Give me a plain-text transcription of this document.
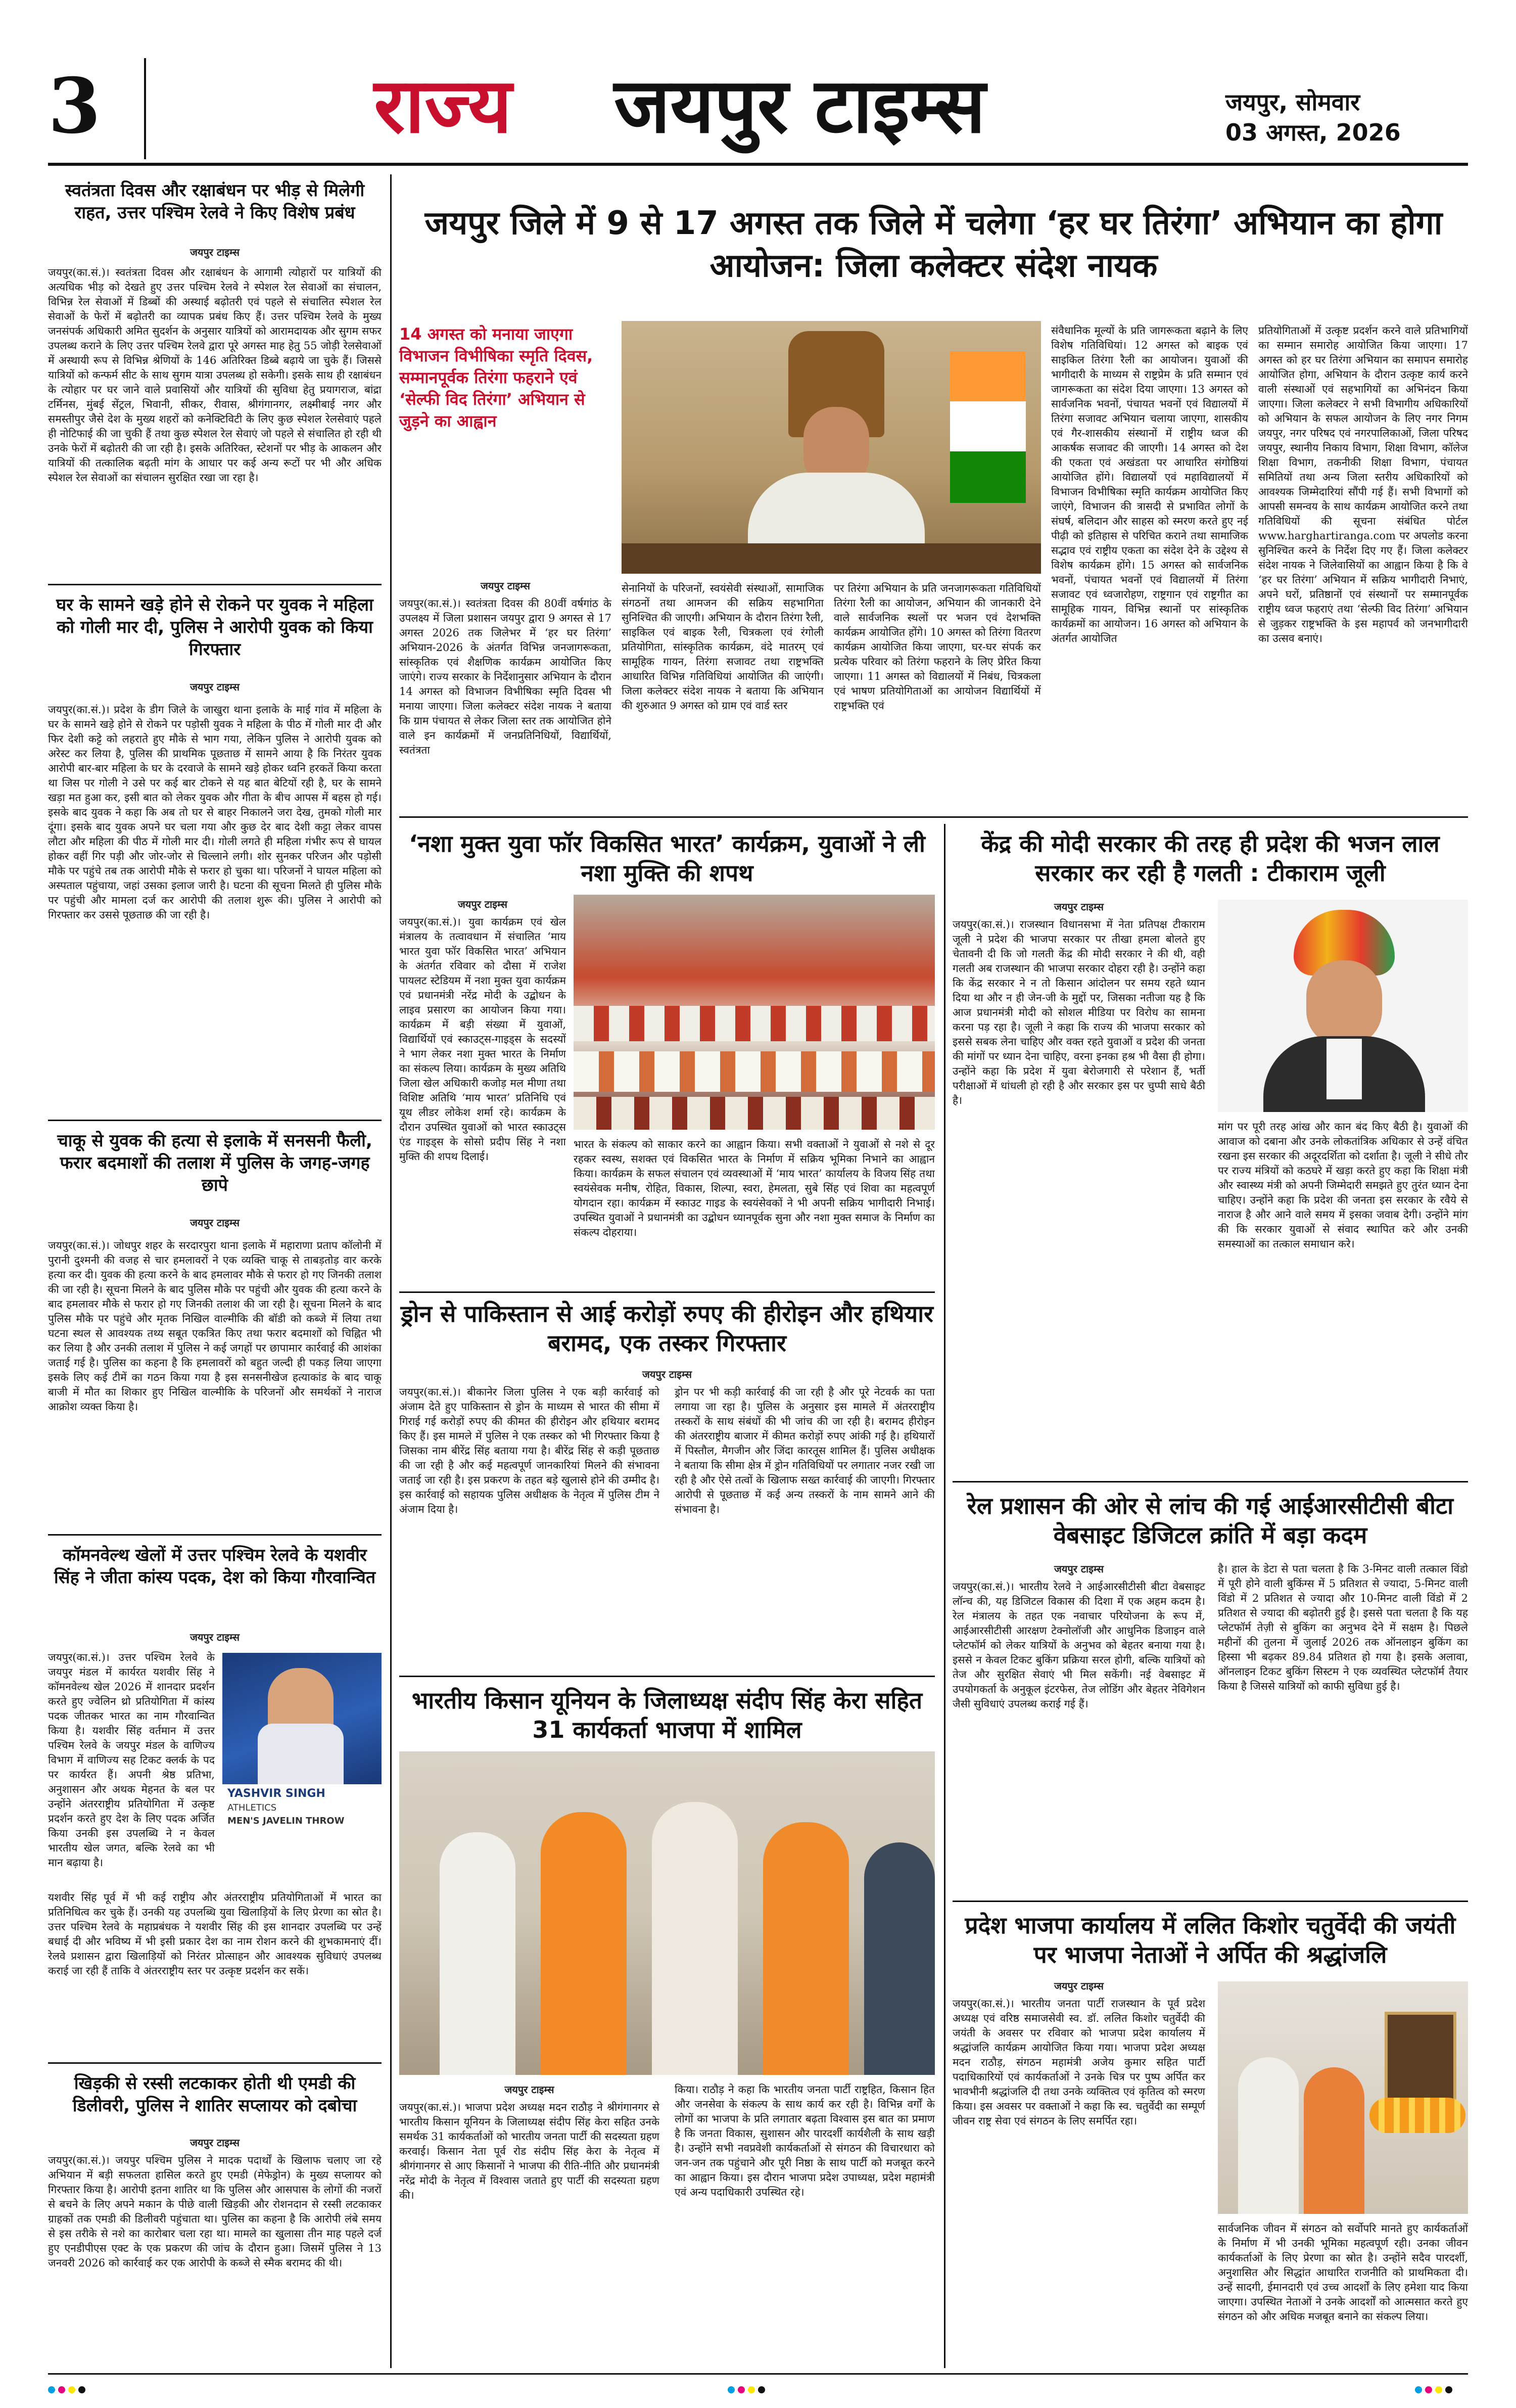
3	राज्य जयपुर टाइम्स	जयपुर, सोमवार
03 अगस्त, 2026
स्वतंत्रता दिवस और रक्षाबंधन पर भीड़ से मिलेगी राहत, उत्तर पश्चिम रेलवे ने किए विशेष प्रबंध
जयपुर टाइम्स
जयपुर(का.सं.)। स्वतंत्रता दिवस और रक्षाबंधन के आगामी त्योहारों पर यात्रियों की अत्यधिक भीड़ को देखते हुए उत्तर पश्चिम रेलवे ने स्पेशल रेल सेवाओं का संचालन, विभिन्न रेल सेवाओं में डिब्बों की अस्थाई बढ़ोतरी एवं पहले से संचालित स्पेशल रेल सेवाओं के फेरों में बढ़ोतरी का व्यापक प्रबंध किए हैं। उत्तर पश्चिम रेलवे के मुख्य जनसंपर्क अधिकारी अमित सुदर्शन के अनुसार यात्रियों को आरामदायक और सुगम सफर उपलब्ध कराने के लिए उत्तर पश्चिम रेलवे द्वारा पूरे अगस्त माह हेतु 55 जोड़ी रेलसेवाओं में अस्थायी रूप से विभिन्न श्रेणियों के 146 अतिरिक्त डिब्बे बढ़ाये जा चुके हैं। जिससे यात्रियों को कन्फर्म सीट के साथ सुगम यात्रा उपलब्ध हो सकेगी। इसके साथ ही रक्षाबंधन के त्योहार पर घर जाने वाले प्रवासियों और यात्रियों की सुविधा हेतु प्रयागराज, बांद्रा टर्मिनस, मुंबई सेंट्रल, भिवानी, सीकर, रीवास, श्रीगंगानगर, लक्ष्मीबाई नगर और समस्तीपुर जैसे देश के मुख्य शहरों को कनेक्टिविटी के लिए कुछ स्पेशल रेलसेवाएं पहले ही नोटिफाई की जा चुकी हैं तथा कुछ स्पेशल रेल सेवाएं जो पहले से संचालित हो रही थी उनके फेरों में बढ़ोतरी की जा रही है। इसके अतिरिक्त, स्टेशनों पर भीड़ के आकलन और यात्रियों की तत्कालिक बढ़ती मांग के आधार पर कई अन्य रूटों पर भी और अधिक स्पेशल रेल सेवाओं का संचालन सुरक्षित रखा जा रहा है।
घर के सामने खड़े होने से रोकने पर युवक ने महिला को गोली मार दी, पुलिस ने आरोपी युवक को किया गिरफ्तार
जयपुर टाइम्स
जयपुर(का.सं.)। प्रदेश के डीग जिले के जाखुरा थाना इलाके के माई गांव में महिला के घर के सामने खड़े होने से रोकने पर पड़ोसी युवक ने महिला के पीठ में गोली मार दी और फिर देशी कट्टे को लहराते हुए मौके से भाग गया, लेकिन पुलिस ने आरोपी युवक को अरेस्ट कर लिया है, पुलिस की प्राथमिक पूछताछ में सामने आया है कि निरंतर युवक आरोपी बार-बार महिला के घर के दरवाजे के सामने खड़े होकर ध्वनि हरकतें किया करता था जिस पर गोली ने उसे पर कई बार टोकने से यह बात बेटियों रही है, घर के सामने खड़ा मत हुआ कर, इसी बात को लेकर युवक और गीता के बीच आपस में बहस हो गई। इसके बाद युवक ने कहा कि अब तो घर से बाहर निकालने जरा देख, तुमको गोली मार दूंगा। इसके बाद युवक अपने घर चला गया और कुछ देर बाद देशी कट्टा लेकर वापस लौटा और महिला की पीठ में गोली मार दी। गोली लगते ही महिला गंभीर रूप से घायल होकर वहीं गिर पड़ी और जोर-जोर से चिल्लाने लगी। शोर सुनकर परिजन और पड़ोसी मौके पर पहुंचे तब तक आरोपी मौके से फरार हो चुका था। परिजनों ने घायल महिला को अस्पताल पहुंचाया, जहां उसका इलाज जारी है। घटना की सूचना मिलते ही पुलिस मौके पर पहुंची और मामला दर्ज कर आरोपी की तलाश शुरू की। पुलिस ने आरोपी को गिरफ्तार कर उससे पूछताछ की जा रही है।
चाकू से युवक की हत्या से इलाके में सनसनी फैली, फरार बदमाशों की तलाश में पुलिस के जगह-जगह छापे
जयपुर टाइम्स
जयपुर(का.सं.)। जोधपुर शहर के सरदारपुरा थाना इलाके में महाराणा प्रताप कॉलोनी में पुरानी दुश्मनी की वजह से चार हमलावरों ने एक व्यक्ति चाकू से ताबड़तोड़ वार करके हत्या कर दी। युवक की हत्या करने के बाद हमलावर मौके से फरार हो गए जिनकी तलाश की जा रही है। सूचना मिलने के बाद पुलिस मौके पर पहुंची और युवक की हत्या करने के बाद हमलावर मौके से फरार हो गए जिनकी तलाश की जा रही है। सूचना मिलने के बाद पुलिस मौके पर पहुंचे और मृतक निखिल वाल्मीकि की बॉडी को कब्जे में लिया तथा घटना स्थल से आवश्यक तथ्य सबूत एकत्रित किए तथा फरार बदमाशों को चिह्नित भी कर लिया है और उनकी तलाश में पुलिस ने कई जगहों पर छापामार कार्रवाई की आशंका जताई गई है। पुलिस का कहना है कि हमलावरों को बहुत जल्दी ही पकड़ लिया जाएगा इसके लिए कई टीमें का गठन किया गया है इस सनसनीखेज हत्याकांड के बाद चाकू बाजी में मौत का शिकार हुए निखिल वाल्मीकि के परिजनों और समर्थकों ने नाराज आक्रोश व्यक्त किया है।
कॉमनवेल्थ खेलों में उत्तर पश्चिम रेलवे के यशवीर सिंह ने जीता कांस्य पदक, देश को किया गौरवान्वित
जयपुर टाइम्स
जयपुर(का.सं.)। उत्तर पश्चिम रेलवे के जयपुर मंडल में कार्यरत यशवीर सिंह ने कॉमनवेल्थ खेल 2026 में शानदार प्रदर्शन करते हुए ज्वेलिन थ्रो प्रतियोगिता में कांस्य पदक जीतकर भारत का नाम गौरवान्वित किया है। यशवीर सिंह वर्तमान में उत्तर पश्चिम रेलवे के जयपुर मंडल के वाणिज्य विभाग में वाणिज्य सह टिकट क्लर्क के पद पर कार्यरत हैं। अपनी श्रेष्ठ प्रतिभा, अनुशासन और अथक मेहनत के बल पर उन्होंने अंतरराष्ट्रीय प्रतियोगिता में उत्कृष्ट प्रदर्शन करते हुए देश के लिए पदक अर्जित किया उनकी इस उपलब्धि ने न केवल भारतीय खेल जगत, बल्कि रेलवे का भी मान बढ़ाया है।
YASHVIR SINGH
ATHLETICS
MEN'S JAVELIN THROW
यशवीर सिंह पूर्व में भी कई राष्ट्रीय और अंतरराष्ट्रीय प्रतियोगिताओं में भारत का प्रतिनिधित्व कर चुके हैं। उनकी यह उपलब्धि युवा खिलाड़ियों के लिए प्रेरणा का स्रोत है। उत्तर पश्चिम रेलवे के महाप्रबंधक ने यशवीर सिंह की इस शानदार उपलब्धि पर उन्हें बधाई दी और भविष्य में भी इसी प्रकार देश का नाम रोशन करने की शुभकामनाएं दीं। रेलवे प्रशासन द्वारा खिलाड़ियों को निरंतर प्रोत्साहन और आवश्यक सुविधाएं उपलब्ध कराई जा रही हैं ताकि वे अंतरराष्ट्रीय स्तर पर उत्कृष्ट प्रदर्शन कर सकें।
खिड़की से रस्सी लटकाकर होती थी एमडी की डिलीवरी, पुलिस ने शातिर सप्लायर को दबोचा
जयपुर टाइम्स
जयपुर(का.सं.)। जयपुर पश्चिम पुलिस ने मादक पदार्थों के खिलाफ चलाए जा रहे अभियान में बड़ी सफलता हासिल करते हुए एमडी (मेफेड्रोन) के मुख्य सप्लायर को गिरफ्तार किया है। आरोपी इतना शातिर था कि पुलिस और आसपास के लोगों की नजरों से बचने के लिए अपने मकान के पीछे वाली खिड़की और रोशनदान से रस्सी लटकाकर ग्राहकों तक एमडी की डिलीवरी पहुंचाता था। पुलिस का कहना है कि आरोपी लंबे समय से इस तरीके से नशे का कारोबार चला रहा था। मामले का खुलासा तीन माह पहले दर्ज हुए एनडीपीएस एक्ट के एक प्रकरण की जांच के दौरान हुआ। जिसमें पुलिस ने 13 जनवरी 2026 को कार्रवाई कर एक आरोपी के कब्जे से स्मैक बरामद की थी।
जयपुर जिले में 9 से 17 अगस्त तक जिले में चलेगा ‘हर घर तिरंगा’ अभियान का होगा आयोजन: जिला कलेक्टर संदेश नायक
14 अगस्त को मनाया जाएगा विभाजन विभीषिका स्मृति दिवस, सम्मानपूर्वक तिरंगा फहराने एवं ‘सेल्फी विद तिरंगा’ अभियान से जुड़ने का आह्वान
जयपुर टाइम्स
जयपुर(का.सं.)। स्वतंत्रता दिवस की 80वीं वर्षगांठ के उपलक्ष्य में जिला प्रशासन जयपुर द्वारा 9 अगस्त से 17 अगस्त 2026 तक जिलेभर में ‘हर घर तिरंगा’ अभियान-2026 के अंतर्गत विभिन्न जनजागरूकता, सांस्कृतिक एवं शैक्षणिक कार्यक्रम आयोजित किए जाएंगे। राज्य सरकार के निर्देशानुसार अभियान के दौरान 14 अगस्त को विभाजन विभीषिका स्मृति दिवस भी मनाया जाएगा। जिला कलेक्टर संदेश नायक ने बताया कि ग्राम पंचायत से लेकर जिला स्तर तक आयोजित होने वाले इन कार्यक्रमों में जनप्रतिनिधियों, विद्यार्थियों, स्वतंत्रता
सेनानियों के परिजनों, स्वयंसेवी संस्थाओं, सामाजिक संगठनों तथा आमजन की सक्रिय सहभागिता सुनिश्चित की जाएगी। अभियान के दौरान तिरंगा रैली, साइकिल एवं बाइक रैली, चित्रकला एवं रंगोली प्रतियोगिता, सांस्कृतिक कार्यक्रम, वंदे मातरम् एवं सामूहिक गायन, तिरंगा सजावट तथा राष्ट्रभक्ति आधारित विभिन्न गतिविधियां आयोजित की जाएंगी। जिला कलेक्टर संदेश नायक ने बताया कि अभियान की शुरुआत 9 अगस्त को ग्राम एवं वार्ड स्तर
पर तिरंगा अभियान के प्रति जनजागरूकता गतिविधियों तिरंगा रैली का आयोजन, अभियान की जानकारी देने वाले सार्वजनिक स्थलों पर भजन एवं देशभक्ति कार्यक्रम आयोजित होंगे। 10 अगस्त को तिरंगा वितरण कार्यक्रम आयोजित किया जाएगा, घर-घर संपर्क कर प्रत्येक परिवार को तिरंगा फहराने के लिए प्रेरित किया जाएगा। 11 अगस्त को विद्यालयों में निबंध, चित्रकला एवं भाषण प्रतियोगिताओं का आयोजन विद्यार्थियों में राष्ट्रभक्ति एवं
संवैधानिक मूल्यों के प्रति जागरूकता बढ़ाने के लिए विशेष गतिविधियां। 12 अगस्त को बाइक एवं साइकिल तिरंगा रैली का आयोजन। युवाओं की भागीदारी के माध्यम से राष्ट्रप्रेम के प्रति सम्मान एवं जागरूकता का संदेश दिया जाएगा। 13 अगस्त को सार्वजनिक भवनों, पंचायत भवनों एवं विद्यालयों में तिरंगा सजावट अभियान चलाया जाएगा, शासकीय एवं गैर-शासकीय संस्थानों में राष्ट्रीय ध्वज की आकर्षक सजावट की जाएगी। 14 अगस्त को देश की एकता एवं अखंडता पर आधारित संगोष्ठियां आयोजित होंगे। विद्यालयों एवं महाविद्यालयों में विभाजन विभीषिका स्मृति कार्यक्रम आयोजित किए जाएंगे, विभाजन की त्रासदी से प्रभावित लोगों के संघर्ष, बलिदान और साहस को स्मरण करते हुए नई पीढ़ी को इतिहास से परिचित कराने तथा सामाजिक सद्भाव एवं राष्ट्रीय एकता का संदेश देने के उद्देश्य से विशेष कार्यक्रम होंगे। 15 अगस्त को सार्वजनिक भवनों, पंचायत भवनों एवं विद्यालयों में तिरंगा सजावट एवं ध्वजारोहण, राष्ट्रगान एवं राष्ट्रगीत का सामूहिक गायन, विभिन्न स्थानों पर सांस्कृतिक कार्यक्रमों का आयोजन। 16 अगस्त को अभियान के अंतर्गत आयोजित
प्रतियोगिताओं में उत्कृष्ट प्रदर्शन करने वाले प्रतिभागियों का सम्मान समारोह आयोजित किया जाएगा। 17 अगस्त को हर घर तिरंगा अभियान का समापन समारोह आयोजित होगा, अभियान के दौरान उत्कृष्ट कार्य करने वाली संस्थाओं एवं सहभागियों का अभिनंदन किया जाएगा। जिला कलेक्टर ने सभी विभागीय अधिकारियों को अभियान के सफल आयोजन के लिए नगर निगम जयपुर, नगर परिषद एवं नगरपालिकाओं, जिला परिषद जयपुर, स्थानीय निकाय विभाग, शिक्षा विभाग, कॉलेज शिक्षा विभाग, तकनीकी शिक्षा विभाग, पंचायत समितियों तथा अन्य जिला स्तरीय अधिकारियों को आवश्यक जिम्मेदारियां सौंपी गई हैं। सभी विभागों को आपसी समन्वय के साथ कार्यक्रम आयोजित करने तथा गतिविधियों की सूचना संबंधित पोर्टल www.harghartiranga.com पर अपलोड करना सुनिश्चित करने के निर्देश दिए गए हैं। जिला कलेक्टर संदेश नायक ने जिलेवासियों का आह्वान किया है कि वे ‘हर घर तिरंगा’ अभियान में सक्रिय भागीदारी निभाएं, अपने घरों, प्रतिष्ठानों एवं संस्थानों पर सम्मानपूर्वक राष्ट्रीय ध्वज फहराएं तथा ‘सेल्फी विद तिरंगा’ अभियान से जुड़कर राष्ट्रभक्ति के इस महापर्व को जनभागीदारी का उत्सव बनाएं।
‘नशा मुक्त युवा फॉर विकसित भारत’ कार्यक्रम, युवाओं ने ली नशा मुक्ति की शपथ
जयपुर टाइम्स
जयपुर(का.सं.)। युवा कार्यक्रम एवं खेल मंत्रालय के तत्वावधान में संचालित ‘माय भारत युवा फॉर विकसित भारत’ अभियान के अंतर्गत रविवार को दौसा में राजेश पायलट स्टेडियम में नशा मुक्त युवा कार्यक्रम एवं प्रधानमंत्री नरेंद्र मोदी के उद्बोधन के लाइव प्रसारण का आयोजन किया गया। कार्यक्रम में बड़ी संख्या में युवाओं, विद्यार्थियों एवं स्काउट्स-गाइड्स के सदस्यों ने भाग लेकर नशा मुक्त भारत के निर्माण का संकल्प लिया। कार्यक्रम के मुख्य अतिथि जिला खेल अधिकारी कजोड़ मल मीणा तथा विशिष्ट अतिथि ‘माय भारत’ प्रतिनिधि एवं यूथ लीडर लोकेश शर्मा रहे। कार्यक्रम के दौरान उपस्थित युवाओं को भारत स्काउट्स एंड गाइड्स के सोसो प्रदीप सिंह ने नशा मुक्ति की शपथ दिलाई।
भारत के संकल्प को साकार करने का आह्वान किया। सभी वक्ताओं ने युवाओं से नशे से दूर रहकर स्वस्थ, सशक्त एवं विकसित भारत के निर्माण में सक्रिय भूमिका निभाने का आह्वान किया। कार्यक्रम के सफल संचालन एवं व्यवस्थाओं में ‘माय भारत’ कार्यालय के विजय सिंह तथा स्वयंसेवक मनीष, रोहित, विकास, शिल्पा, स्वरा, हेमलता, सुबे सिंह एवं शिवा का महत्वपूर्ण योगदान रहा। कार्यक्रम में स्काउट गाइड के स्वयंसेवकों ने भी अपनी सक्रिय भागीदारी निभाई। उपस्थित युवाओं ने प्रधानमंत्री का उद्बोधन ध्यानपूर्वक सुना और नशा मुक्त समाज के निर्माण का संकल्प दोहराया।
ड्रोन से पाकिस्तान से आई करोड़ों रुपए की हीरोइन और हथियार बरामद, एक तस्कर गिरफ्तार
जयपुर टाइम्स
जयपुर(का.सं.)। बीकानेर जिला पुलिस ने एक बड़ी कार्रवाई को अंजाम देते हुए पाकिस्तान से ड्रोन के माध्यम से भारत की सीमा में गिराई गई करोड़ों रुपए की कीमत की हीरोइन और हथियार बरामद किए हैं। इस मामले में पुलिस ने एक तस्कर को भी गिरफ्तार किया है जिसका नाम बीरेंद्र सिंह बताया गया है। बीरेंद्र सिंह से कड़ी पूछताछ की जा रही है और कई महत्वपूर्ण जानकारियां मिलने की संभावना जताई जा रही है। इस प्रकरण के तहत बड़े खुलासे होने की उम्मीद है। इस कार्रवाई को सहायक पुलिस अधीक्षक के नेतृत्व में पुलिस टीम ने अंजाम दिया है।
ड्रोन पर भी कड़ी कार्रवाई की जा रही है और पूरे नेटवर्क का पता लगाया जा रहा है। पुलिस के अनुसार इस मामले में अंतरराष्ट्रीय तस्करों के साथ संबंधों की भी जांच की जा रही है। बरामद हीरोइन की अंतरराष्ट्रीय बाजार में कीमत करोड़ों रुपए आंकी गई है। हथियारों में पिस्तौल, मैगजीन और जिंदा कारतूस शामिल हैं। पुलिस अधीक्षक ने बताया कि सीमा क्षेत्र में ड्रोन गतिविधियों पर लगातार नजर रखी जा रही है और ऐसे तत्वों के खिलाफ सख्त कार्रवाई की जाएगी। गिरफ्तार आरोपी से पूछताछ में कई अन्य तस्करों के नाम सामने आने की संभावना है।
भारतीय किसान यूनियन के जिलाध्यक्ष संदीप सिंह केरा सहित 31 कार्यकर्ता भाजपा में शामिल
जयपुर टाइम्स
जयपुर(का.सं.)। भाजपा प्रदेश अध्यक्ष मदन राठौड़ ने श्रीगंगानगर से भारतीय किसान यूनियन के जिलाध्यक्ष संदीप सिंह केरा सहित उनके समर्थक 31 कार्यकर्ताओं को भारतीय जनता पार्टी की सदस्यता ग्रहण करवाई। किसान नेता पूर्व रोड संदीप सिंह केरा के नेतृत्व में श्रीगंगानगर से आए किसानों ने भाजपा की रीति-नीति और प्रधानमंत्री नरेंद्र मोदी के नेतृत्व में विश्वास जताते हुए पार्टी की सदस्यता ग्रहण की।
किया। राठौड़ ने कहा कि भारतीय जनता पार्टी राष्ट्रहित, किसान हित और जनसेवा के संकल्प के साथ कार्य कर रही है। विभिन्न वर्गों के लोगों का भाजपा के प्रति लगातार बढ़ता विश्वास इस बात का प्रमाण है कि जनता विकास, सुशासन और पारदर्शी कार्यशैली के साथ खड़ी है। उन्होंने सभी नवप्रवेशी कार्यकर्ताओं से संगठन की विचारधारा को जन-जन तक पहुंचाने और पूरी निष्ठा के साथ पार्टी को मजबूत करने का आह्वान किया। इस दौरान भाजपा प्रदेश उपाध्यक्ष, प्रदेश महामंत्री एवं अन्य पदाधिकारी उपस्थित रहे।
केंद्र की मोदी सरकार की तरह ही प्रदेश की भजन लाल सरकार कर रही है गलती : टीकाराम जूली
जयपुर टाइम्स
जयपुर(का.सं.)। राजस्थान विधानसभा में नेता प्रतिपक्ष टीकाराम जूली ने प्रदेश की भाजपा सरकार पर तीखा हमला बोलते हुए चेतावनी दी कि जो गलती केंद्र की मोदी सरकार ने की थी, वही गलती अब राजस्थान की भाजपा सरकार दोहरा रही है। उन्होंने कहा कि केंद्र सरकार ने न तो किसान आंदोलन पर समय रहते ध्यान दिया था और न ही जेन-जी के मुद्दों पर, जिसका नतीजा यह है कि आज प्रधानमंत्री मोदी को सोशल मीडिया पर विरोध का सामना करना पड़ रहा है। जूली ने कहा कि राज्य की भाजपा सरकार को इससे सबक लेना चाहिए और वक्त रहते युवाओं व प्रदेश की जनता की मांगों पर ध्यान देना चाहिए, वरना इनका हश्र भी वैसा ही होगा। उन्होंने कहा कि प्रदेश में युवा बेरोजगारी से परेशान हैं, भर्ती परीक्षाओं में धांधली हो रही है और सरकार इस पर चुप्पी साधे बैठी है।
मांग पर पूरी तरह आंख और कान बंद किए बैठी है। युवाओं की आवाज को दबाना और उनके लोकतांत्रिक अधिकार से उन्हें वंचित रखना इस सरकार की अदूरदर्शिता को दर्शाता है। जूली ने सीधे तौर पर राज्य मंत्रियों को कठघरे में खड़ा करते हुए कहा कि शिक्षा मंत्री और स्वास्थ्य मंत्री को अपनी जिम्मेदारी समझते हुए तुरंत ध्यान देना चाहिए। उन्होंने कहा कि प्रदेश की जनता इस सरकार के रवैये से नाराज है और आने वाले समय में इसका जवाब देगी। उन्होंने मांग की कि सरकार युवाओं से संवाद स्थापित करे और उनकी समस्याओं का तत्काल समाधान करे।
रेल प्रशासन की ओर से लांच की गई आईआरसीटीसी बीटा वेबसाइट डिजिटल क्रांति में बड़ा कदम
जयपुर टाइम्स
जयपुर(का.सं.)। भारतीय रेलवे ने आईआरसीटीसी बीटा वेबसाइट लॉन्च की, यह डिजिटल विकास की दिशा में एक अहम कदम है। रेल मंत्रालय के तहत एक नवाचार परियोजना के रूप में, आईआरसीटीसी आरक्षण टेक्नोलॉजी और आधुनिक डिजाइन वाले प्लेटफॉर्म को लेकर यात्रियों के अनुभव को बेहतर बनाया गया है। इससे न केवल टिकट बुकिंग प्रक्रिया सरल होगी, बल्कि यात्रियों को तेज और सुरक्षित सेवाएं भी मिल सकेंगी। नई वेबसाइट में उपयोगकर्ता के अनुकूल इंटरफेस, तेज लोडिंग और बेहतर नेविगेशन जैसी सुविधाएं उपलब्ध कराई गई हैं।
है। हाल के डेटा से पता चलता है कि 3-मिनट वाली तत्काल विंडो में पूरी होने वाली बुकिंग्स में 5 प्रतिशत से ज्यादा, 5-मिनट वाली विंडो में 2 प्रतिशत से ज्यादा और 10-मिनट वाली विंडो में 2 प्रतिशत से ज्यादा की बढ़ोतरी हुई है। इससे पता चलता है कि यह प्लेटफॉर्म तेज़ी से बुकिंग का अनुभव देने में सक्षम है। पिछले महीनों की तुलना में जुलाई 2026 तक ऑनलाइन बुकिंग का हिस्सा भी बढ़कर 89.84 प्रतिशत हो गया है। इसके अलावा, ऑनलाइन टिकट बुकिंग सिस्टम ने एक व्यवस्थित प्लेटफॉर्म तैयार किया है जिससे यात्रियों को काफी सुविधा हुई है।
प्रदेश भाजपा कार्यालय में ललित किशोर चतुर्वेदी की जयंती पर भाजपा नेताओं ने अर्पित की श्रद्धांजलि
जयपुर टाइम्स
जयपुर(का.सं.)। भारतीय जनता पार्टी राजस्थान के पूर्व प्रदेश अध्यक्ष एवं वरिष्ठ समाजसेवी स्व. डॉ. ललित किशोर चतुर्वेदी की जयंती के अवसर पर रविवार को भाजपा प्रदेश कार्यालय में श्रद्धांजलि कार्यक्रम आयोजित किया गया। भाजपा प्रदेश अध्यक्ष मदन राठौड़, संगठन महामंत्री अजेय कुमार सहित पार्टी पदाधिकारियों एवं कार्यकर्ताओं ने उनके चित्र पर पुष्प अर्पित कर भावभीनी श्रद्धांजलि दी तथा उनके व्यक्तित्व एवं कृतित्व को स्मरण किया। इस अवसर पर वक्ताओं ने कहा कि स्व. चतुर्वेदी का सम्पूर्ण जीवन राष्ट्र सेवा एवं संगठन के लिए समर्पित रहा।
सार्वजनिक जीवन में संगठन को सर्वोपरि मानते हुए कार्यकर्ताओं के निर्माण में भी उनकी भूमिका महत्वपूर्ण रही। उनका जीवन कार्यकर्ताओं के लिए प्रेरणा का स्रोत है। उन्होंने सदैव पारदर्शी, अनुशासित और सिद्धांत आधारित राजनीति को प्राथमिकता दी। उन्हें सादगी, ईमानदारी एवं उच्च आदर्शों के लिए हमेशा याद किया जाएगा। उपस्थित नेताओं ने उनके आदर्शों को आत्मसात करते हुए संगठन को और अधिक मजबूत बनाने का संकल्प लिया।
